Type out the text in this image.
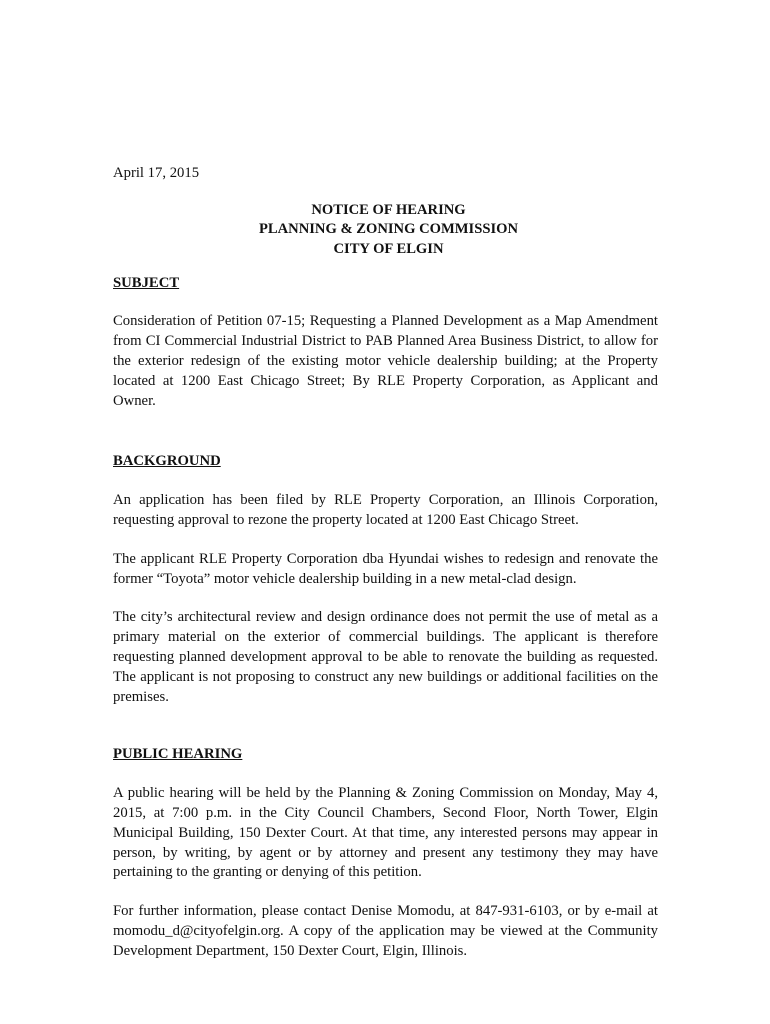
April 17, 2015
NOTICE OF HEARING
PLANNING & ZONING COMMISSION
CITY OF ELGIN
SUBJECT

Consideration of Petition 07-15; Requesting a Planned Development as a Map Amendment from CI Commercial Industrial District to PAB Planned Area Business District, to allow for the exterior redesign of the existing motor vehicle dealership building; at the Property located at 1200 East Chicago Street; By RLE Property Corporation, as Applicant and Owner.

BACKGROUND

An application has been filed by RLE Property Corporation, an Illinois Corporation, requesting approval to rezone the property located at 1200 East Chicago Street.

The applicant RLE Property Corporation dba Hyundai wishes to redesign and renovate the former “Toyota” motor vehicle dealership building in a new metal-clad design.

The city’s architectural review and design ordinance does not permit the use of metal as a primary material on the exterior of commercial buildings. The applicant is therefore requesting planned development approval to be able to renovate the building as requested. The applicant is not proposing to construct any new buildings or additional facilities on the premises.

PUBLIC HEARING

A public hearing will be held by the Planning & Zoning Commission on Monday, May 4, 2015, at 7:00 p.m. in the City Council Chambers, Second Floor, North Tower, Elgin Municipal Building, 150 Dexter Court. At that time, any interested persons may appear in person, by writing, by agent or by attorney and present any testimony they may have pertaining to the granting or denying of this petition.

For further information, please contact Denise Momodu, at 847-931-6103, or by e-mail at momodu_d@cityofelgin.org. A copy of the application may be viewed at the Community Development Department, 150 Dexter Court, Elgin, Illinois.
